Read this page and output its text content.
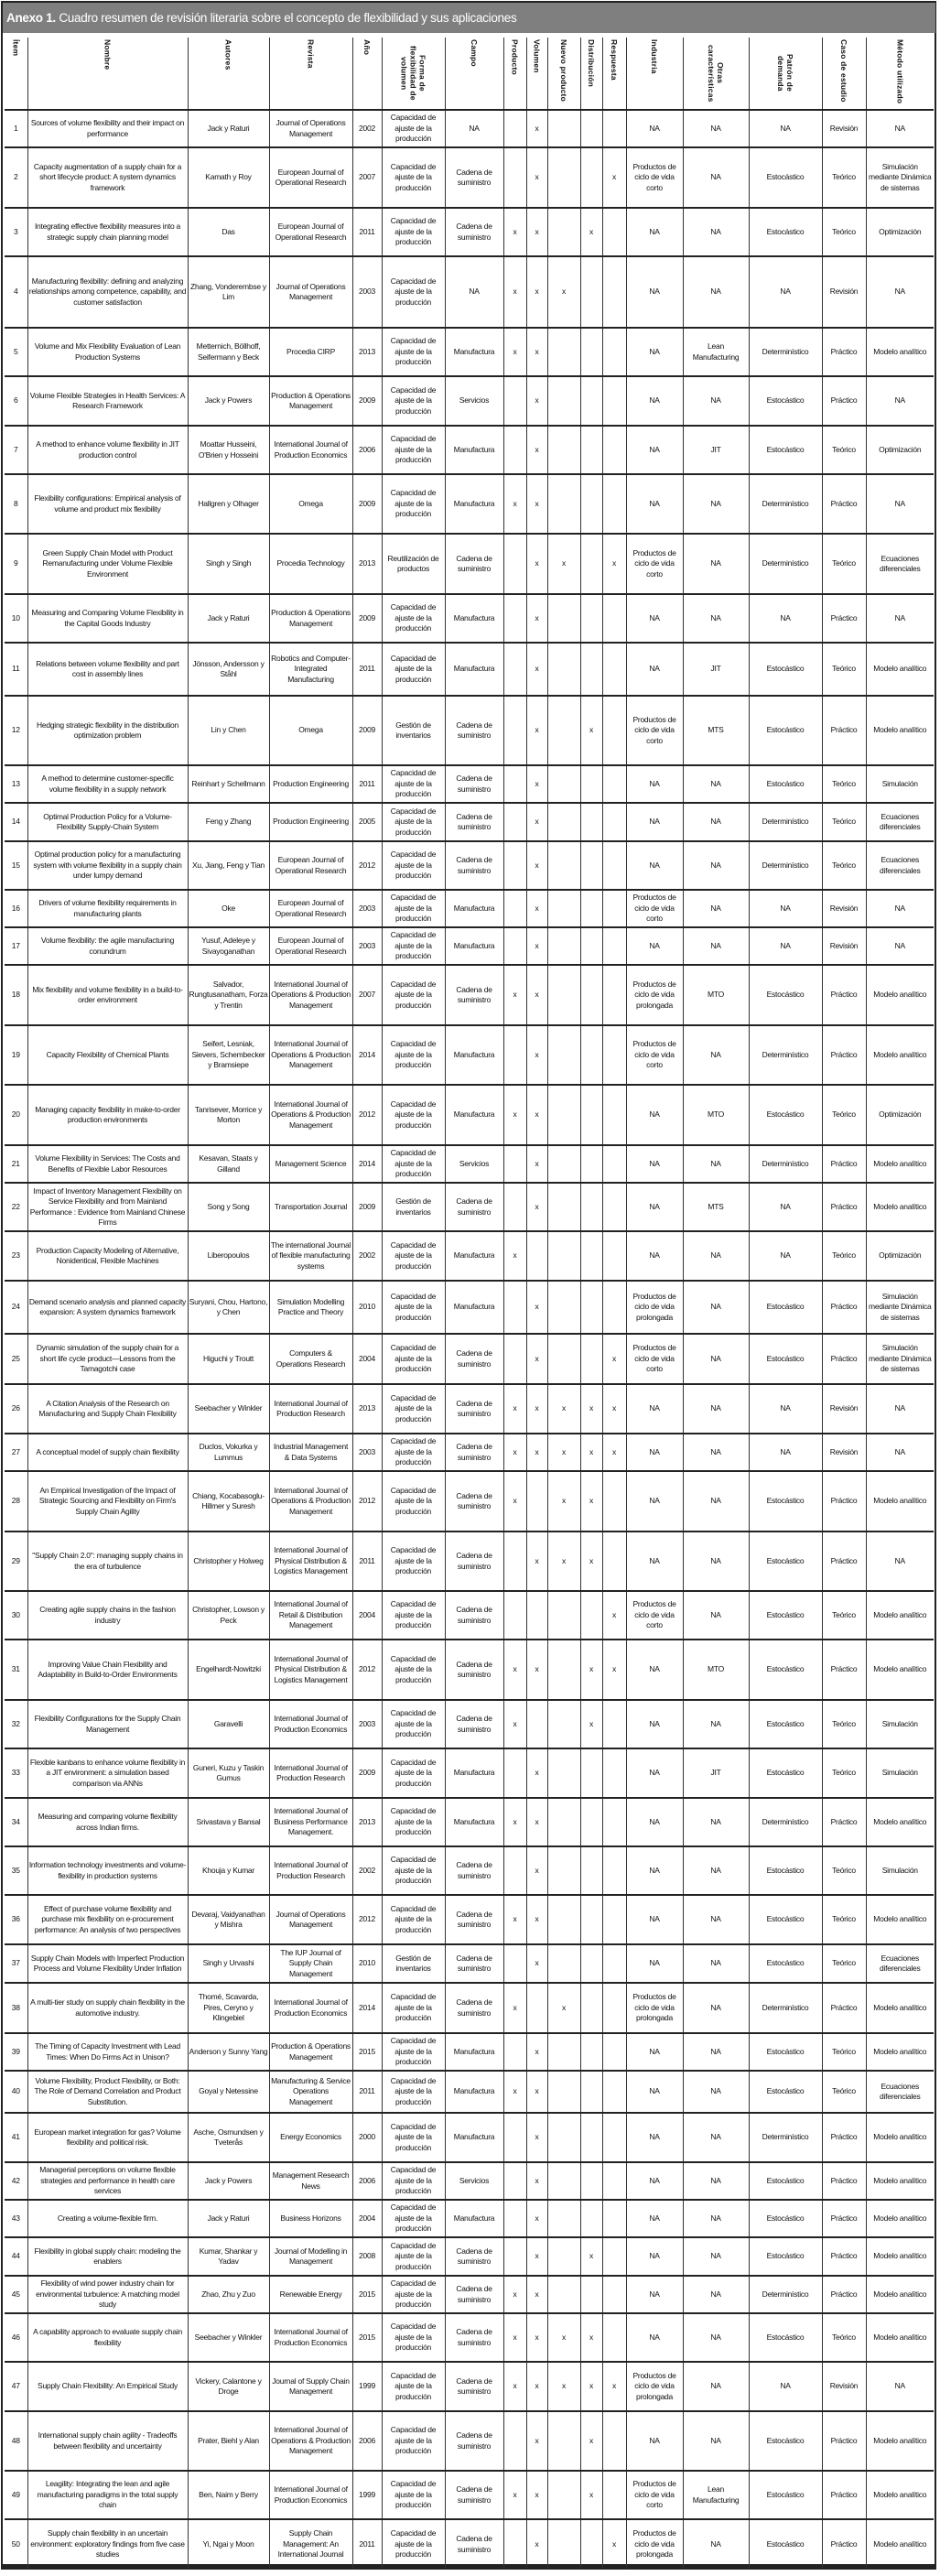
Anexo 1. Cuadro resumen de revisión literaria sobre el concepto de flexibilidad y sus aplicaciones
Ítem	Nombre	Autores	Revista	Año	Forma de flexibilidad de volumen	Campo	Producto	Volumen	Nuevo producto	Distribución	Respuesta	Industria	Otras características	Patrón de demanda	Caso de estudio	Método utilizado
1	Sources of volume flexibility and their impact on performance	Jack y Raturi	Journal of Operations Management	2002	Capacidad de ajuste de la producción	NA		x				NA	NA	NA	Revisión	NA
2	Capacity augmentation of a supply chain for a short lifecycle product: A system dynamics framework	Kamath y Roy	European Journal of Operational Research	2007	Capacidad de ajuste de la producción	Cadena de suministro		x			x	Productos de ciclo de vida corto	NA	Estocástico	Teórico	Simulación mediante Dinámica de sistemas
3	Integrating effective flexibility measures into a strategic supply chain planning model	Das	European Journal of Operational Research	2011	Capacidad de ajuste de la producción	Cadena de suministro	x	x		x		NA	NA	Estocástico	Teórico	Optimización
4	Manufacturing flexibility: defining and analyzing relationships among competence, capability, and customer satisfaction	Zhang, Vonderembse y Lim	Journal of Operations Management	2003	Capacidad de ajuste de la producción	NA	x	x	x			NA	NA	NA	Revisión	NA
5	Volume and Mix Flexibility Evaluation of Lean Production Systems	Metternich, Böllhoff, Seifermann y Beck	Procedia CIRP	2013	Capacidad de ajuste de la producción	Manufactura	x	x				NA	Lean Manufacturing	Determinístico	Práctico	Modelo analítico
6	Volume Flexible Strategies in Health Services: A Research Framework	Jack y Powers	Production & Operations Management	2009	Capacidad de ajuste de la producción	Servicios		x				NA	NA	Estocástico	Práctico	NA
7	A method to enhance volume flexibility in JIT production control	Moattar Husseini, O'Brien y Hosseini	International Journal of Production Economics	2006	Capacidad de ajuste de la producción	Manufactura		x				NA	JIT	Estocástico	Teórico	Optimización
8	Flexibility configurations: Empirical analysis of volume and product mix flexibility	Hallgren y Olhager	Omega	2009	Capacidad de ajuste de la producción	Manufactura	x	x				NA	NA	Determinístico	Práctico	NA
9	Green Supply Chain Model with Product Remanufacturing under Volume Flexible Environment	Singh y Singh	Procedia Technology	2013	Reutilización de productos	Cadena de suministro		x	x		x	Productos de ciclo de vida corto	NA	Determinístico	Teórico	Ecuaciones diferenciales
10	Measuring and Comparing Volume Flexibility in the Capital Goods Industry	Jack y Raturi	Production & Operations Management	2009	Capacidad de ajuste de la producción	Manufactura		x				NA	NA	NA	Práctico	NA
11	Relations between volume flexibility and part cost in assembly lines	Jönsson, Andersson y Ståhl	Robotics and Computer-Integrated Manufacturing	2011	Capacidad de ajuste de la producción	Manufactura		x				NA	JIT	Estocástico	Teórico	Modelo analítico
12	Hedging strategic flexibility in the distribution optimization problem	Lin y Chen	Omega	2009	Gestión de inventarios	Cadena de suministro		x		x		Productos de ciclo de vida corto	MTS	Estocástico	Práctico	Modelo analítico
13	A method to determine customer-specific volume flexibility in a supply network	Reinhart y Schellmann	Production Engineering	2011	Capacidad de ajuste de la producción	Cadena de suministro		x				NA	NA	Estocástico	Teórico	Simulación
14	Optimal Production Policy for a Volume-Flexibility Supply-Chain System	Feng y Zhang	Production Engineering	2005	Capacidad de ajuste de la producción	Cadena de suministro		x				NA	NA	Determinístico	Teórico	Ecuaciones diferenciales
15	Optimal production policy for a manufacturing system with volume flexibility in a supply chain under lumpy demand	Xu, Jiang, Feng y Tian	European Journal of Operational Research	2012	Capacidad de ajuste de la producción	Cadena de suministro		x				NA	NA	Determinístico	Teórico	Ecuaciones diferenciales
16	Drivers of volume flexibility requirements in manufacturing plants	Oke	European Journal of Operational Research	2003	Capacidad de ajuste de la producción	Manufactura		x				Productos de ciclo de vida corto	NA	NA	Revisión	NA
17	Volume flexibility: the agile manufacturing conundrum	Yusuf, Adeleye y Sivayoganathan	European Journal of Operational Research	2003	Capacidad de ajuste de la producción	Manufactura		x				NA	NA	NA	Revisión	NA
18	Mix flexibility and volume flexibility in a build-to-order environment	Salvador, Rungtusanatham, Forza y Trentin	International Journal of Operations & Production Management	2007	Capacidad de ajuste de la producción	Cadena de suministro	x	x				Productos de ciclo de vida prolongada	MTO	Estocástico	Práctico	Modelo analítico
19	Capacity Flexibility of Chemical Plants	Seifert, Lesniak, Sievers, Schembecker y Bramsiepe	International Journal of Operations & Production Management	2014	Capacidad de ajuste de la producción	Manufactura		x				Productos de ciclo de vida corto	NA	Determinístico	Práctico	Modelo analítico
20	Managing capacity flexibility in make-to-order production environments	Tanrisever, Morrice y Morton	International Journal of Operations & Production Management	2012	Capacidad de ajuste de la producción	Manufactura	x	x				NA	MTO	Estocástico	Teórico	Optimización
21	Volume Flexibility in Services: The Costs and Benefits of Flexible Labor Resources	Kesavan, Staats y Gilland	Management Science	2014	Capacidad de ajuste de la producción	Servicios		x				NA	NA	Determinístico	Práctico	Modelo analítico
22	Impact of Inventory Management Flexibility on Service Flexibility and from Mainland Performance : Evidence from Mainland Chinese Firms	Song y Song	Transportation Journal	2009	Gestión de inventarios	Cadena de suministro		x				NA	MTS	NA	Práctico	Modelo analítico
23	Production Capacity Modeling of Alternative, Nonidentical, Flexible Machines	Liberopoulos	The international Journal of flexible manufacturing systems	2002	Capacidad de ajuste de la producción	Manufactura	x					NA	NA	NA	Teórico	Optimización
24	Demand scenario analysis and planned capacity expansion: A system dynamics framework	Suryani, Chou, Hartono, y Chen	Simulation Modelling Practice and Theory	2010	Capacidad de ajuste de la producción	Manufactura		x				Productos de ciclo de vida prolongada	NA	Estocástico	Práctico	Simulación mediante Dinámica de sistemas
25	Dynamic simulation of the supply chain for a short life cycle product—Lessons from the Tamagotchi case	Higuchi y Troutt	Computers & Operations Research	2004	Capacidad de ajuste de la producción	Cadena de suministro		x			x	Productos de ciclo de vida corto	NA	Estocástico	Práctico	Simulación mediante Dinámica de sistemas
26	A Citation Analysis of the Research on Manufacturing and Supply Chain Flexibility	Seebacher y Winkler	International Journal of Production Research	2013	Capacidad de ajuste de la producción	Cadena de suministro	x	x	x	x	x	NA	NA	NA	Revisión	NA
27	A conceptual model of supply chain flexibility	Duclos, Vokurka y Lummus	Industrial Management & Data Systems	2003	Capacidad de ajuste de la producción	Cadena de suministro	x	x	x	x	x	NA	NA	NA	Revisión	NA
28	An Empirical Investigation of the Impact of Strategic Sourcing and Flexibility on Firm's Supply Chain Agility	Chiang, Kocabasoglu-Hillmer y Suresh	International Journal of Operations & Production Management	2012	Capacidad de ajuste de la producción	Cadena de suministro	x		x	x		NA	NA	Estocástico	Práctico	Modelo analítico
29	"Supply Chain 2.0": managing supply chains in the era of turbulence	Christopher y Holweg	International Journal of Physical Distribution & Logistics Management	2011	Capacidad de ajuste de la producción	Cadena de suministro		x	x	x		NA	NA	Estocástico	Práctico	NA
30	Creating agile supply chains in the fashion industry	Christopher, Lowson y Peck	International Journal of Retail & Distribution Management	2004	Capacidad de ajuste de la producción	Cadena de suministro					x	Productos de ciclo de vida corto	NA	Estocástico	Teórico	Modelo analítico
31	Improving Value Chain Flexibility and Adaptability in Build-to-Order Environments	Engelhardt-Nowitzki	International Journal of Physical Distribution & Logistics Management	2012	Capacidad de ajuste de la producción	Cadena de suministro	x	x		x	x	NA	MTO	Estocástico	Práctico	Modelo analítico
32	Flexibility Configurations for the Supply Chain Management	Garavelli	International Journal of Production Economics	2003	Capacidad de ajuste de la producción	Cadena de suministro	x			x		NA	NA	Estocástico	Teórico	Simulación
33	Flexible kanbans to enhance volume flexibility in a JIT environment: a simulation based comparison via ANNs	Guneri, Kuzu y Taskin Gumus	International Journal of Production Research	2009	Capacidad de ajuste de la producción	Manufactura		x				NA	JIT	Estocástico	Teórico	Simulación
34	Measuring and comparing volume flexibility across Indian firms.	Srivastava y Bansal	International Journal of Business Performance Management.	2013	Capacidad de ajuste de la producción	Manufactura	x	x				NA	NA	Determinístico	Práctico	Modelo analítico
35	Information technology investments and volume-flexibility in production systems	Khouja y Kumar	International Journal of Production Research	2002	Capacidad de ajuste de la producción	Cadena de suministro		x				NA	NA	Estocástico	Teórico	Simulación
36	Effect of purchase volume flexibility and purchase mix flexibility on e-procurement performance: An analysis of two perspectives	Devaraj, Vaidyanathan y Mishra	Journal of Operations Management	2012	Capacidad de ajuste de la producción	Cadena de suministro	x	x				NA	NA	Estocástico	Teórico	Modelo analítico
37	Supply Chain Models with Imperfect Production Process and Volume Flexibility Under Inflation	Singh y Urvashi	The IUP Journal of Supply Chain Management	2010	Gestión de inventarios	Cadena de suministro		x				NA	NA	Estocástico	Teórico	Ecuaciones diferenciales
38	A multi-tier study on supply chain flexibility in the automotive industry.	Thomé, Scavarda, Pires, Ceryno y Klingebiel	International Journal of Production Economics	2014	Capacidad de ajuste de la producción	Cadena de suministro	x		x			Productos de ciclo de vida prolongada	NA	Determinístico	Práctico	Modelo analítico
39	The Timing of Capacity Investment with Lead Times: When Do Firms Act in Unison?	Anderson y Sunny Yang	Production & Operations Management	2015	Capacidad de ajuste de la producción	Manufactura		x				NA	NA	Estocástico	Teórico	Modelo analítico
40	Volume Flexibility, Product Flexibility, or Both: The Role of Demand Correlation and Product Substitution.	Goyal y Netessine	Manufacturing & Service Operations Management	2011	Capacidad de ajuste de la producción	Manufactura	x	x				NA	NA	Estocástico	Teórico	Ecuaciones diferenciales
41	European market integration for gas? Volume flexibility and political risk.	Asche, Osmundsen y Tveterås	Energy Economics	2000	Capacidad de ajuste de la producción	Manufactura		x				NA	NA	Determinístico	Práctico	Modelo analítico
42	Managerial perceptions on volume flexible strategies and performance in health care services	Jack y Powers	Management Research News	2006	Capacidad de ajuste de la producción	Servicios		x				NA	NA	Estocástico	Práctico	Modelo analítico
43	Creating a volume-flexible firm.	Jack y Raturi	Business Horizons	2004	Capacidad de ajuste de la producción	Manufactura		x				NA	NA	Estocástico	Práctico	Modelo analítico
44	Flexibility in global supply chain: modeling the enablers	Kumar, Shankar y Yadav	Journal of Modelling in Management	2008	Capacidad de ajuste de la producción	Cadena de suministro		x		x		NA	NA	Estocástico	Práctico	Modelo analítico
45	Flexibility of wind power industry chain for environmental turbulence: A matching model study	Zhao, Zhu y Zuo	Renewable Energy	2015	Capacidad de ajuste de la producción	Cadena de suministro	x	x				NA	NA	Determinístico	Práctico	Modelo analítico
46	A capability approach to evaluate supply chain flexibility	Seebacher y Winkler	International Journal of Production Economics	2015	Capacidad de ajuste de la producción	Cadena de suministro	x	x	x	x		NA	NA	Estocástico	Teórico	Modelo analítico
47	Supply Chain Flexibility: An Empirical Study	Vickery, Calantone y Droge	Journal of Supply Chain Management	1999	Capacidad de ajuste de la producción	Cadena de suministro	x	x	x	x	x	Productos de ciclo de vida prolongada	NA	NA	Revisión	NA
48	International supply chain agility - Tradeoffs between flexibility and uncertainty	Prater, Biehl y Alan	International Journal of Operations & Production Management	2006	Capacidad de ajuste de la producción	Cadena de suministro		x		x		NA	NA	Estocástico	Práctico	Modelo analítico
49	Leagility: Integrating the lean and agile manufacturing paradigms in the total supply chain	Ben, Naim y Berry	International Journal of Production Economics	1999	Capacidad de ajuste de la producción	Cadena de suministro	x	x		x		Productos de ciclo de vida corto	Lean Manufacturing	Estocástico	Práctico	Modelo analítico
50	Supply chain flexibility in an uncertain environment: exploratory findings from five case studies	Yi, Ngai y Moon	Supply Chain Management: An International Journal	2011	Capacidad de ajuste de la producción	Cadena de suministro		x			x	Productos de ciclo de vida prolongada	NA	Estocástico	Práctico	Modelo analítico
